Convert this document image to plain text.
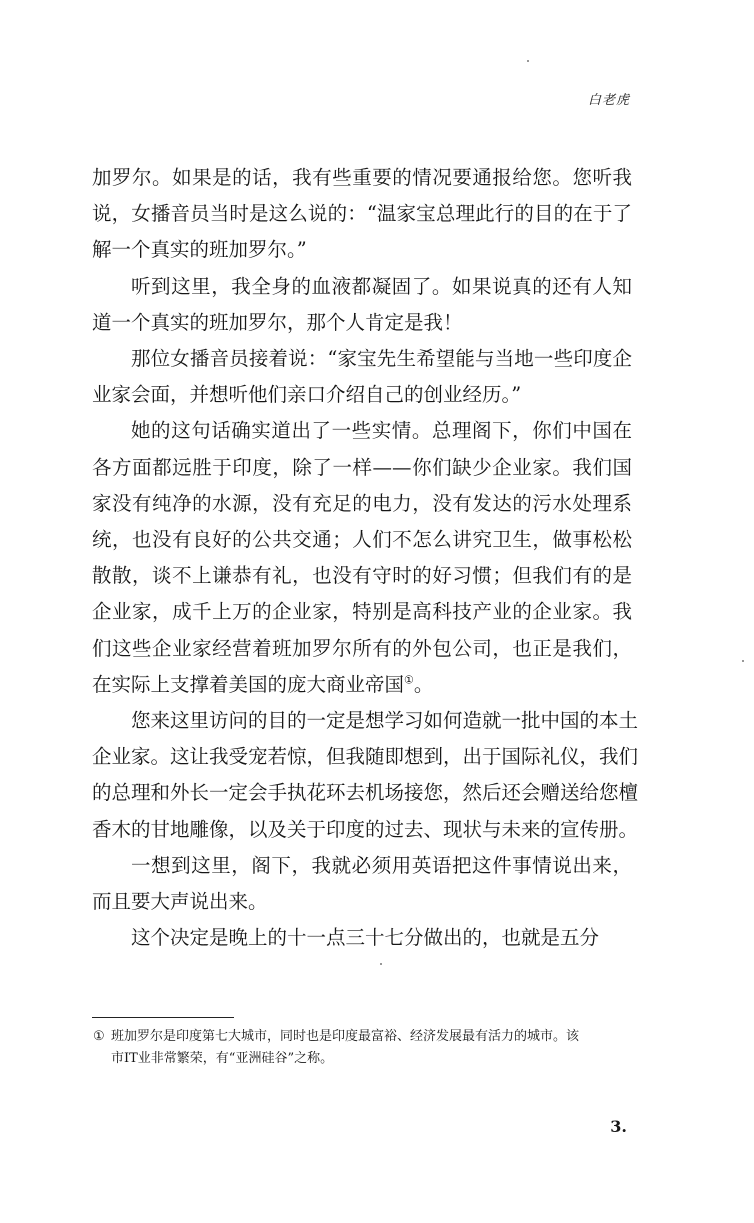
白老虎

加罗尔。如果是的话，我有些重要的情况要通报给您。您听我
说，女播音员当时是这么说的：“温家宝总理此行的目的在于了
解一个真实的班加罗尔。”

听到这里，我全身的血液都凝固了。如果说真的还有人知
道一个真实的班加罗尔，那个人肯定是我！

那位女播音员接着说：“家宝先生希望能与当地一些印度企
业家会面，并想听他们亲口介绍自己的创业经历。”

她的这句话确实道出了一些实情。总理阁下，你们中国在
各方面都远胜于印度，除了一样——你们缺少企业家。我们国
家没有纯净的水源，没有充足的电力，没有发达的污水处理系
统，也没有良好的公共交通；人们不怎么讲究卫生，做事松松
散散，谈不上谦恭有礼，也没有守时的好习惯；但我们有的是
企业家，成千上万的企业家，特别是高科技产业的企业家。我
们这些企业家经营着班加罗尔所有的外包公司，也正是我们，
在实际上支撑着美国的庞大商业帝国①。

您来这里访问的目的一定是想学习如何造就一批中国的本土
企业家。这让我受宠若惊，但我随即想到，出于国际礼仪，我们
的总理和外长一定会手执花环去机场接您，然后还会赠送给您檀
香木的甘地雕像，以及关于印度的过去、现状与未来的宣传册。

一想到这里，阁下，我就必须用英语把这件事情说出来，
而且要大声说出来。

这个决定是晚上的十一点三十七分做出的，也就是五分

① 班加罗尔是印度第七大城市，同时也是印度最富裕、经济发展最有活力的城市。该
市IT业非常繁荣，有“亚洲硅谷”之称。
3.
